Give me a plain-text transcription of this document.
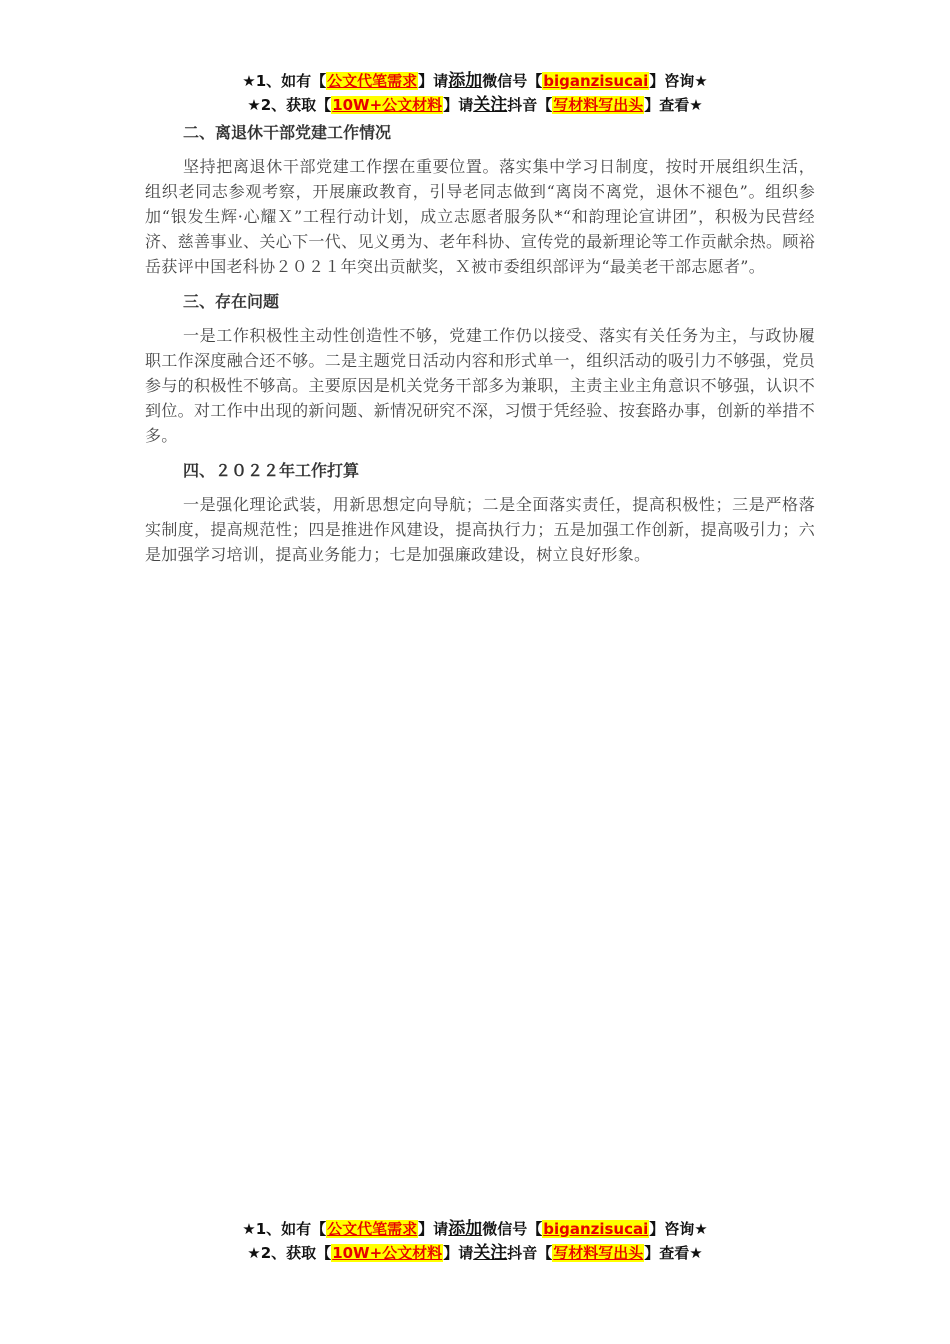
★1、如有【公文代笔需求】请添加微信号【biganzisucai】咨询★
★2、获取【10W+公文材料】请关注抖音【写材料写出头】查看★
二、离退休干部党建工作情况

坚持把离退休干部党建工作摆在重要位置。落实集中学习日制度，按时开展组织生活，组织老同志参观考察，开展廉政教育，引导老同志做到“离岗不离党，退休不褪色”。组织参加“银发生辉·心耀Ｘ”工程行动计划，成立志愿者服务队*“和韵理论宣讲团”，积极为民营经济、慈善事业、关心下一代、见义勇为、老年科协、宣传党的最新理论等工作贡献余热。顾裕岳获评中国老科协２０２１年突出贡献奖，Ｘ被市委组织部评为“最美老干部志愿者”。

三、存在问题

一是工作积极性主动性创造性不够，党建工作仍以接受、落实有关任务为主，与政协履职工作深度融合还不够。二是主题党日活动内容和形式单一，组织活动的吸引力不够强，党员参与的积极性不够高。主要原因是机关党务干部多为兼职，主责主业主角意识不够强，认识不到位。对工作中出现的新问题、新情况研究不深，习惯于凭经验、按套路办事，创新的举措不多。

四、２０２２年工作打算

一是强化理论武装，用新思想定向导航；二是全面落实责任，提高积极性；三是严格落实制度，提高规范性；四是推进作风建设，提高执行力；五是加强工作创新，提高吸引力；六是加强学习培训，提高业务能力；七是加强廉政建设，树立良好形象。

★1、如有【公文代笔需求】请添加微信号【biganzisucai】咨询★
★2、获取【10W+公文材料】请关注抖音【写材料写出头】查看★
